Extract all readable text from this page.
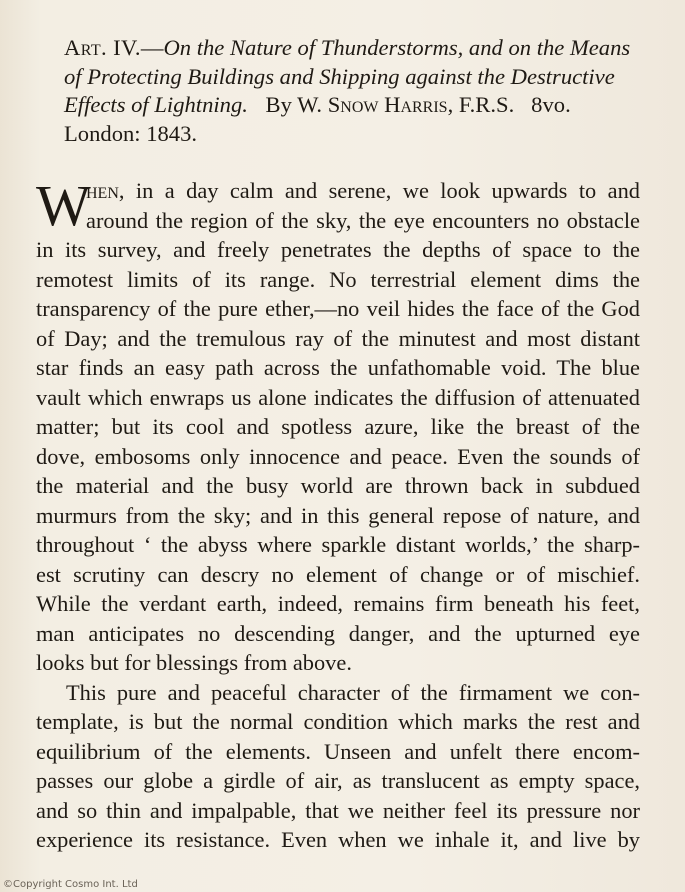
Art. IV.—On the Nature of Thunderstorms, and on the Means
of Protecting Buildings and Shipping against the Destructive
Effects of Lightning. By W. Snow Harris, F.R.S.   8vo.
London: 1843.
W
hen, in a day calm and serene, we look upwards to and
around the region of the sky, the eye encounters no obstacle
in its survey, and freely penetrates the depths of space to the
remotest limits of its range. No terrestrial element dims the
transparency of the pure ether,—no veil hides the face of the God
of Day; and the tremulous ray of the minutest and most distant
star finds an easy path across the unfathomable void. The blue
vault which enwraps us alone indicates the diffusion of attenuated
matter; but its cool and spotless azure, like the breast of the
dove, embosoms only innocence and peace. Even the sounds of
the material and the busy world are thrown back in subdued
murmurs from the sky; and in this general repose of nature, and
throughout ‘ the abyss where sparkle distant worlds,’ the sharp-
est scrutiny can descry no element of change or of mischief.
While the verdant earth, indeed, remains firm beneath his feet,
man anticipates no descending danger, and the upturned eye
looks but for blessings from above.
This pure and peaceful character of the firmament we con-
template, is but the normal condition which marks the rest and
equilibrium of the elements. Unseen and unfelt there encom-
passes our globe a girdle of air, as translucent as empty space,
and so thin and impalpable, that we neither feel its pressure nor
experience its resistance. Even when we inhale it, and live by
©Copyright Cosmo Int. Ltd
